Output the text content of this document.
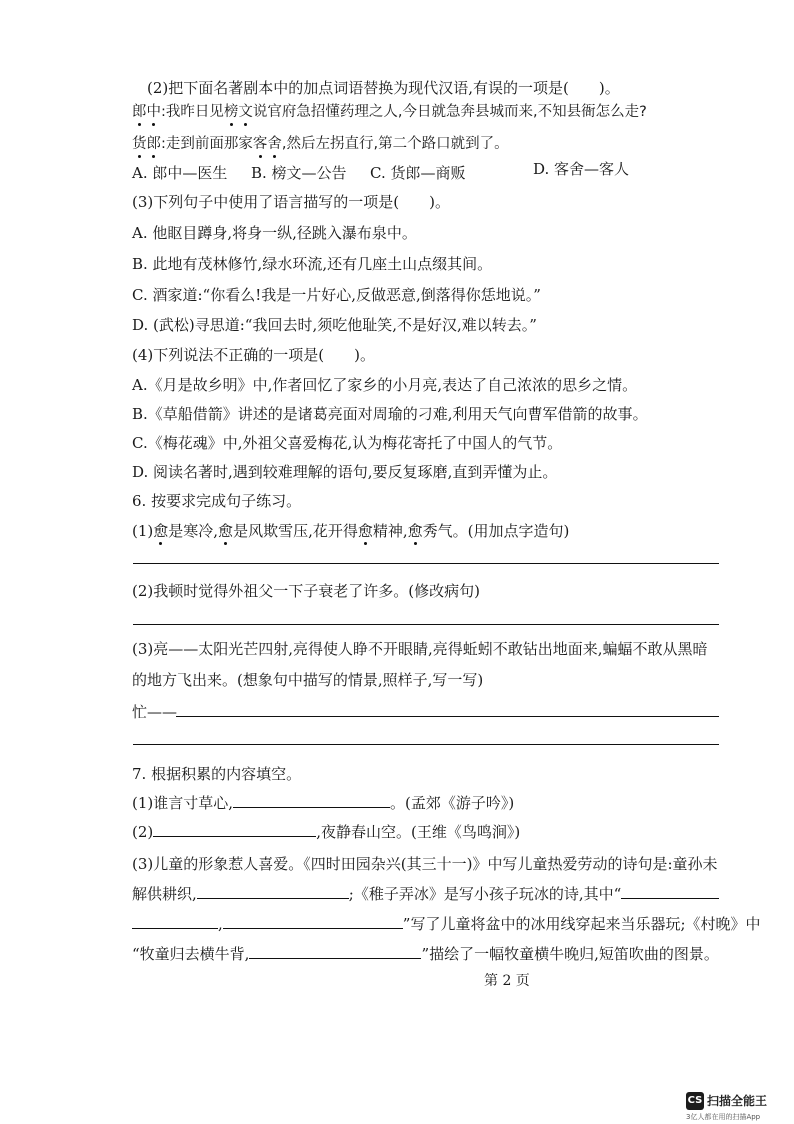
(2)把下面名著剧本中的加点词语替换为现代汉语,有误的一项是(　　)。
郎中:我昨日见榜文说官府急招懂药理之人,今日就急奔县城而来,不知县衙怎么走?
货郎:走到前面那家客舍,然后左拐直行,第二个路口就到了。
A. 郎中—医生 B. 榜文—公告 C. 货郎—商贩	D. 客舍—客人
(3)下列句子中使用了语言描写的一项是(　　)。
A. 他眍目蹲身,将身一纵,径跳入瀑布泉中。
B. 此地有茂林修竹,绿水环流,还有几座土山点缀其间。
C. 酒家道:“你看么!我是一片好心,反做恶意,倒落得你恁地说。”
D. (武松)寻思道:“我回去时,须吃他耻笑,不是好汉,难以转去。”
(4)下列说法不正确的一项是(　　)。
A.《月是故乡明》中,作者回忆了家乡的小月亮,表达了自己浓浓的思乡之情。
B.《草船借箭》讲述的是诸葛亮面对周瑜的刁难,利用天气向曹军借箭的故事。
C.《梅花魂》中,外祖父喜爱梅花,认为梅花寄托了中国人的气节。
D. 阅读名著时,遇到较难理解的语句,要反复琢磨,直到弄懂为止。
6. 按要求完成句子练习。
(1)愈是寒冷,愈是风欺雪压,花开得愈精神,愈秀气。(用加点字造句)
(2)我顿时觉得外祖父一下子衰老了许多。(修改病句)
(3)亮——太阳光芒四射,亮得使人睁不开眼睛,亮得蚯蚓不敢钻出地面来,蝙蝠不敢从黑暗
的地方飞出来。(想象句中描写的情景,照样子,写一写)
忙——
7. 根据积累的内容填空。
(1)谁言寸草心,	。(孟郊《游子吟》)
(2)	,夜静春山空。(王维《鸟鸣涧》)
(3)儿童的形象惹人喜爱。《四时田园杂兴(其三十一)》中写儿童热爱劳动的诗句是:童孙未
解供耕织,	;《稚子弄冰》是写小孩子玩冰的诗,其中“
,	”写了儿童将盆中的冰用线穿起来当乐器玩;《村晚》中
“牧童归去横牛背,	”描绘了一幅牧童横牛晚归,短笛吹曲的图景。
第 2 页
CS 扫描全能王
3亿人都在用的扫描App
